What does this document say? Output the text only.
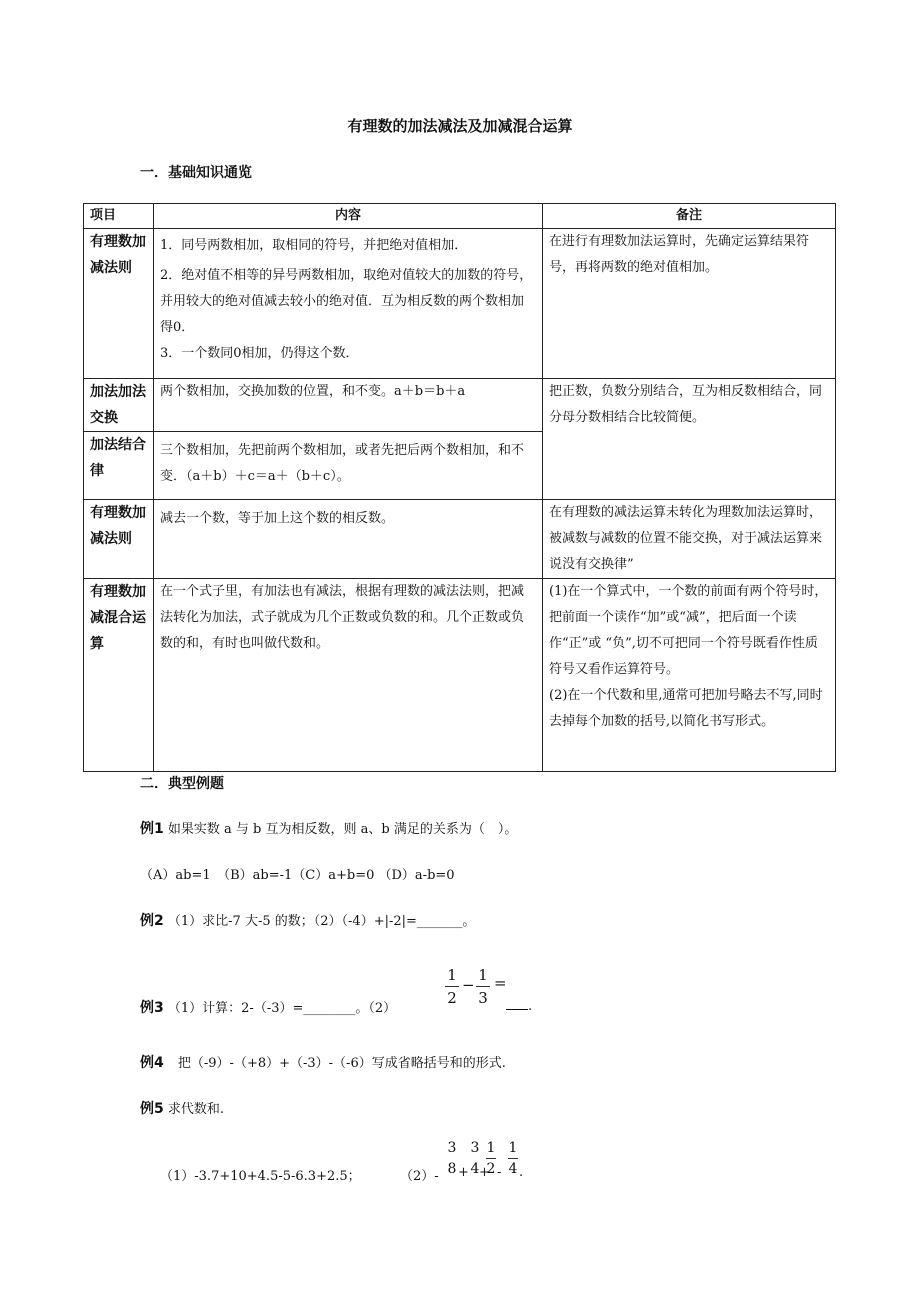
有理数的加法减法及加减混合运算
一．基础知识通览
项目	内容	备注
有理数加减法则	1．同号两数相加，取相同的符号，并把绝对值相加．

2．绝对值不相等的异号两数相加，取绝对值较大的加数的符号，并用较大的绝对值减去较小的绝对值．互为相反数的两个数相加得0．

3．一个数同0相加，仍得这个数．	在进行有理数加法运算时，先确定运算结果符号，再将两数的绝对值相加。

加法加法交换	两个数相加，交换加数的位置，和不变。a＋b＝b＋a	把正数，负数分别结合，互为相反数相结合，同分母分数相结合比较简便。
加法结合律	三个数相加，先把前两个数相加，或者先把后两个数相加，和不变．（a＋b）＋c＝a＋（b＋c）。	

有理数加减法则	减去一个数，等于加上这个数的相反数。	在有理数的减法运算未转化为理数加法运算时，被减数与减数的位置不能交换，对于减法运算来说没有交换律”
有理数加减混合运算	在一个式子里，有加法也有减法，根据有理数的减法法则，把减法转化为加法，式子就成为几个正数或负数的和。几个正数或负数的和，有时也叫做代数和。	(1)在一个算式中，一个数的前面有两个符号时，把前面一个读作“加”或“减”，把后面一个读作“正”或 “负”,切不可把同一个符号既看作性质符号又看作运算符号。

(2)在一个代数和里,通常可把加号略去不写,同时去掉每个加数的括号,以简化书写形式。

二．典型例题
例1 如果实数 a 与 b 互为相反数，则 a、b 满足的关系为（　）。
（A）ab=1　（B）ab=-1（C）a+b=0 （D）a-b=0
例2 （1）求比-7 大-5 的数；（2）（-4）+|-2|=_______。
例3 （1）计算：2-（-3）=________。（2）
1
2
−
1
3
=
.
例4 把（-9）-（+8）+（-3）-（-6）写成省略括号和的形式.
例5 求代数和.
（1）-3.7+10+4.5-5-6.3+2.5；	（2）-
3
8 +
3
4 +
1
2 -
1
4 .
